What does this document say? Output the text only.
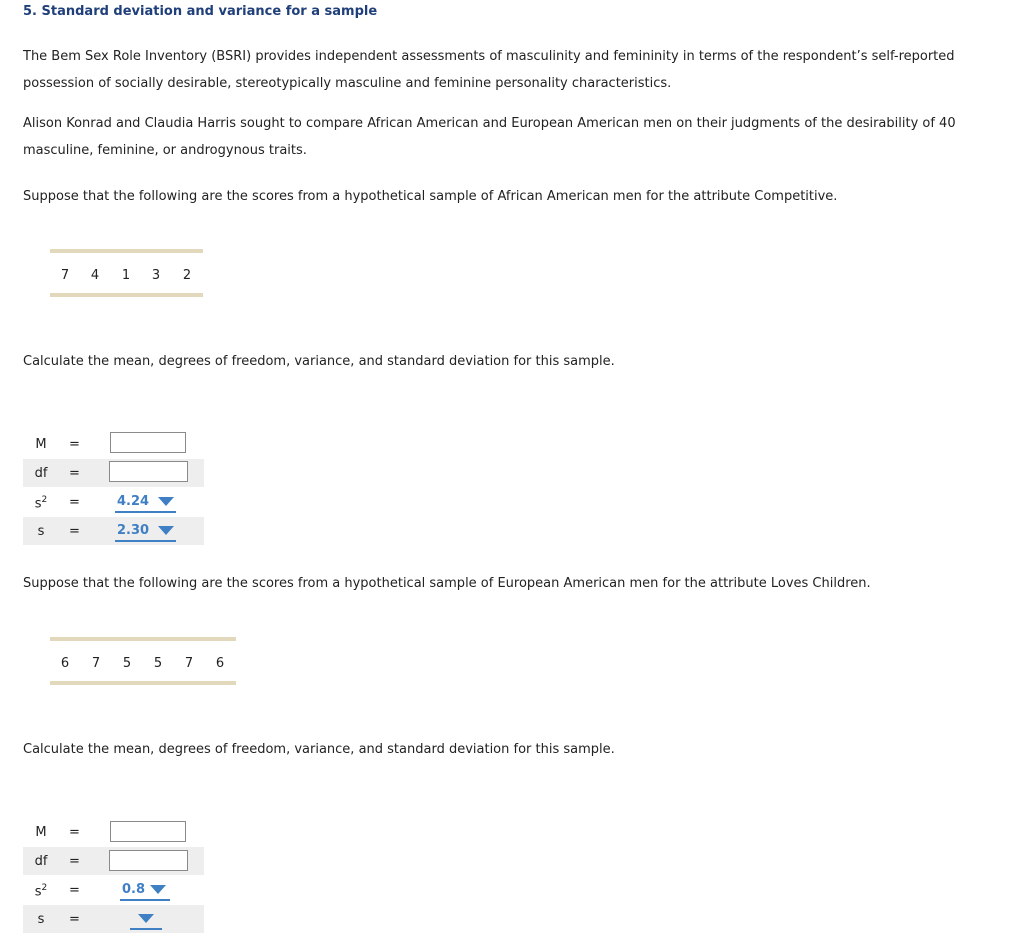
5. Standard deviation and variance for a sample
The Bem Sex Role Inventory (BSRI) provides independent assessments of masculinity and femininity in terms of the respondent’s self-reported possession of socially desirable, stereotypically masculine and feminine personality characteristics.
Alison Konrad and Claudia Harris sought to compare African American and European American men on their judgments of the desirability of 40 masculine, feminine, or androgynous traits.
Suppose that the following are the scores from a hypothetical sample of African American men for the attribute Competitive.
7 4 1 3 2
Calculate the mean, degrees of freedom, variance, and standard deviation for this sample.
M	=
df	=
$s^2$	=	4.24
s	=	2.30
Suppose that the following are the scores from a hypothetical sample of European American men for the attribute Loves Children.
6 7 5 5 7 6
Calculate the mean, degrees of freedom, variance, and standard deviation for this sample.
M	=
df	=
$s^2$	=	0.8
s	=
